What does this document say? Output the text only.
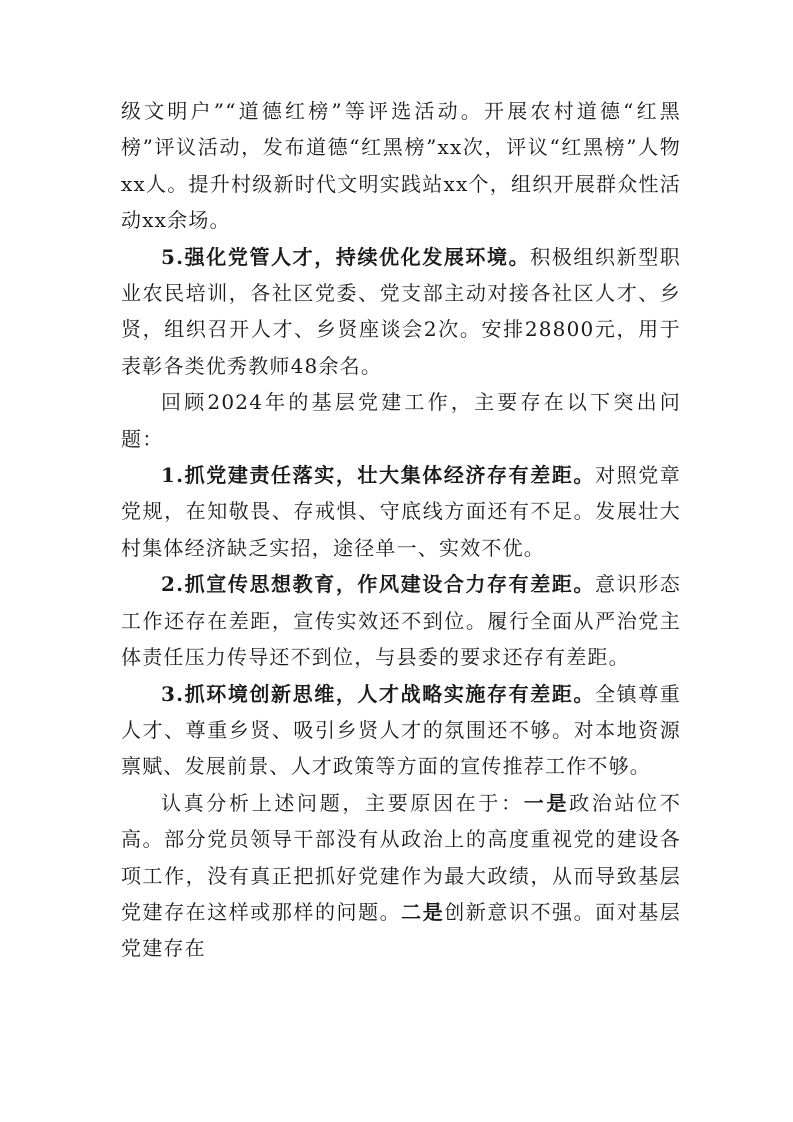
级文明户”“道德红榜”等评选活动。开展农村道德“红黑榜”评议活动，发布道德“红黑榜”xx次，评议“红黑榜”人物xx人。提升村级新时代文明实践站xx个，组织开展群众性活动xx余场。

5.强化党管人才，持续优化发展环境。积极组织新型职业农民培训，各社区党委、党支部主动对接各社区人才、乡贤，组织召开人才、乡贤座谈会2次。安排28800元，用于表彰各类优秀教师48余名。

回顾2024年的基层党建工作，主要存在以下突出问题：

1.抓党建责任落实，壮大集体经济存有差距。对照党章党规，在知敬畏、存戒惧、守底线方面还有不足。发展壮大村集体经济缺乏实招，途径单一、实效不优。

2.抓宣传思想教育，作风建设合力存有差距。意识形态工作还存在差距，宣传实效还不到位。履行全面从严治党主体责任压力传导还不到位，与县委的要求还存有差距。

3.抓环境创新思维，人才战略实施存有差距。全镇尊重人才、尊重乡贤、吸引乡贤人才的氛围还不够。对本地资源禀赋、发展前景、人才政策等方面的宣传推荐工作不够。

认真分析上述问题，主要原因在于：一是政治站位不高。部分党员领导干部没有从政治上的高度重视党的建设各项工作，没有真正把抓好党建作为最大政绩，从而导致基层党建存在这样或那样的问题。二是创新意识不强。面对基层党建存在
